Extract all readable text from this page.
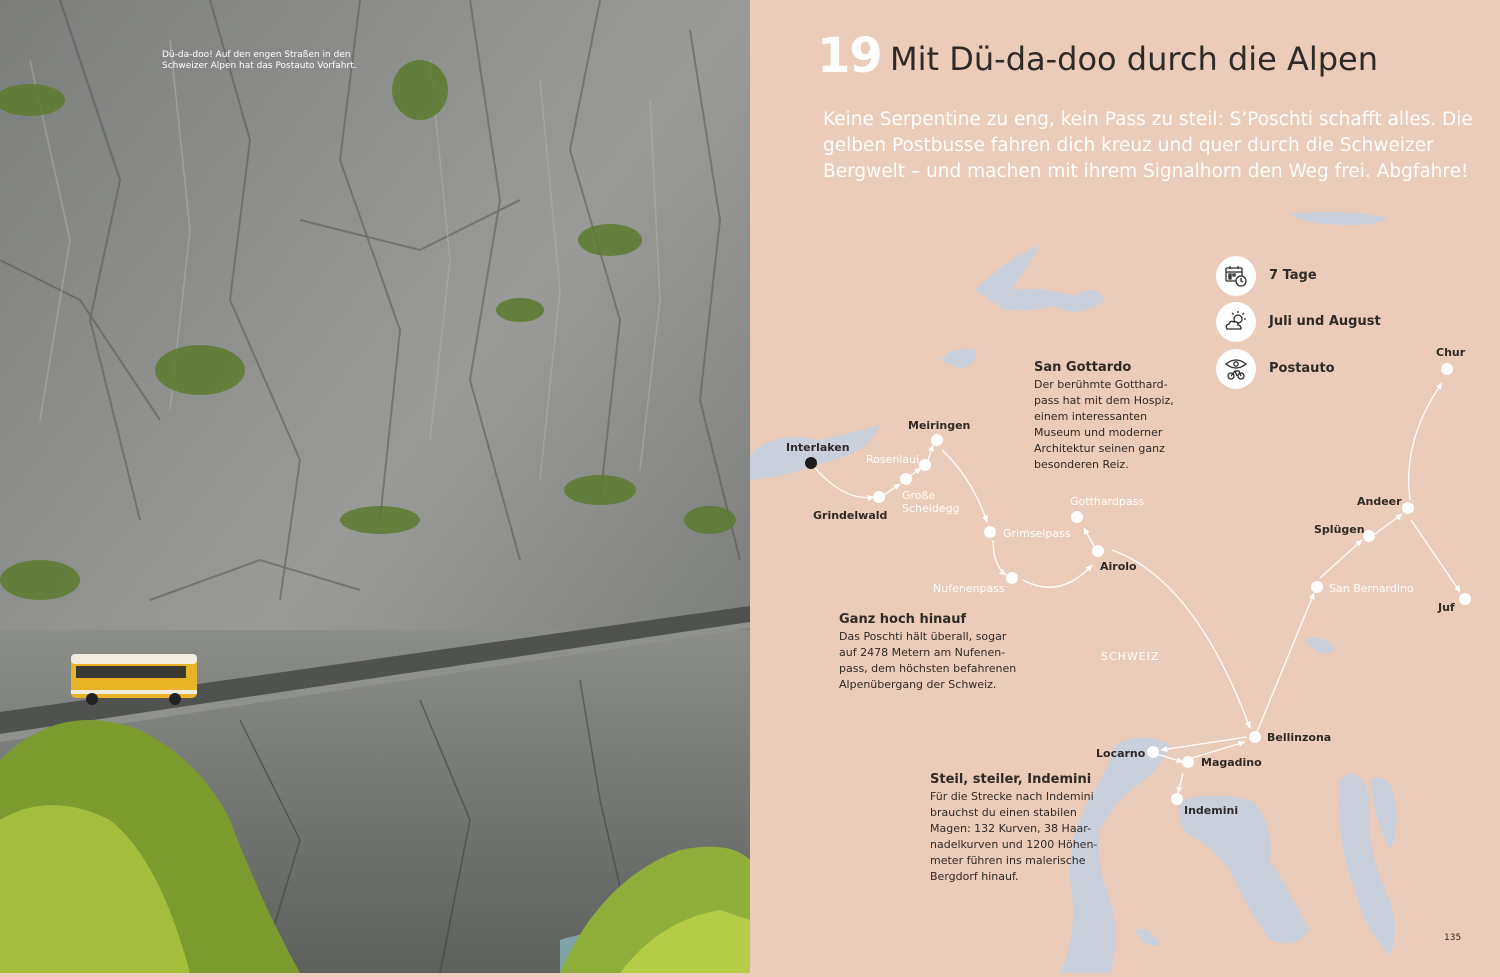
Dü-da-doo! Auf den engen Straßen in den Schweizer Alpen hat das Postauto Vorfahrt.	19 Mit Dü-da-doo durch die Alpen
Keine Serpentine zu eng, kein Pass zu steil: S’Poschti schafft alles. Die gelben Postbusse fahren dich kreuz und quer durch die Schweizer Bergwelt – und machen mit ihrem Signalhorn den Weg frei. Abgfahre!
7 Tage
Juli und August
Postauto
Interlaken
Grindelwald
Große
Scheidegg
Rosenlaui
Meiringen
Grimselpass
Nufenenpass
Gotthardpass
Airolo
Bellinzona
Locarno
Magadino
Indemini
San Bernardino
Splügen
Andeer
Chur
Juf
SCHWEIZ
San Gottardo
Der berühmte Gotthard-
pass hat mit dem Hospiz,
einem interessanten
Museum und moderner
Architektur seinen ganz
besonderen Reiz.
Ganz hoch hinauf
Das Poschti hält überall, sogar
auf 2478 Metern am Nufenen-
pass, dem höchsten befahrenen
Alpenübergang der Schweiz.
Steil, steiler, Indemini
Für die Strecke nach Indemini
brauchst du einen stabilen
Magen: 132 Kurven, 38 Haar-
nadelkurven und 1200 Höhen-
meter führen ins malerische
Bergdorf hinauf.
135
